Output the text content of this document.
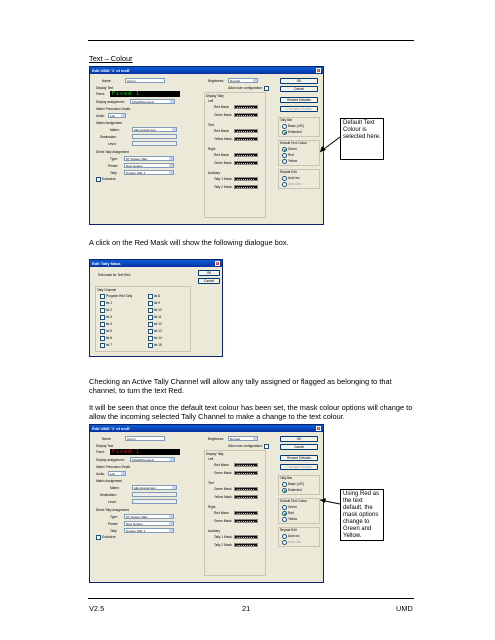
Text – Colour
Edit UMD '1' of mcR	x
Name:	Cam 1
Display Text
Fixed:	Fixed 1
Display assignment:	Fixed/Mnemonic
Matrix Precursion Depth:
Audio:	Left
Matrix Assignment
Matrix:	AEx Assignment
Destination:
Level:
Direct Tally Assignment
Type:	ST System Tally
Preset:	New System
Tally:	System Tally 1
Exclusive
Brightness:	Normal
Allow user configuration:
Display Tally
Left
Red Mask:
Green Mask:
Text
Red Mask:
Yellow Mask:
Right
Red Mask:
Green Mask:
Auxiliary
Tally 1 Mask:
Tally 2 Mask:
OK
Cancel
Restore Defaults
Configure Display
Tally Bar
Basic (L/R)
Extended
Default Text Colour
Green
Red
Yellow
Repeat Edit
Auto Inc
Auto Dec
Default Text Colour is selected here.
A click on the Red Mask will show the following dialogue box.
Edit Tally Mask	x
Edit mask for Text Red:	OK
Cancel
Tally Channel
Program Red Tally
tst 1
tst 2
tst 3
tst 4
tst 5
tst 6
tst 7
tst 8
tst 9
tst 10
tst 11
tst 12
tst 13
tst 14
tst 15
Checking an Active Tally Channel will allow any tally assigned or flagged as belonging to that channel, to turn the text Red.
It will be seen that once the default text colour has been set, the mask colour options will change to allow the incoming selected Tally Channel to make a change to the text colour.
Edit UMD '1' of mcR	x
Name:	Cam 1
Display Text
Fixed:	Fixed 1
Display assignment:	Fixed/Mnemonic
Matrix Precursion Depth:
Audio:	Left
Matrix Assignment
Matrix:	AEx Assignment
Destination:
Level:
Direct Tally Assignment
Type:	ST System Tally
Preset:	New System
Tally:	System Tally 1
Exclusive
Brightness:	Normal
Allow user configuration:
Display Tally
Left
Red Mask:
Green Mask:
Text
Green Mask:
Yellow Mask:
Right
Red Mask:
Green Mask:
Auxiliary
Tally 1 Mask:
Tally 2 Mask:
OK
Cancel
Restore Defaults
Configure Display
Tally Bar
Basic (L/R)
Extended
Default Text Colour
Green
Red
Yellow
Repeat Edit
Auto Inc
Auto Dec
Using Red as the text default, the mask options change to Green and Yellow.
V2.5	21	UMD
